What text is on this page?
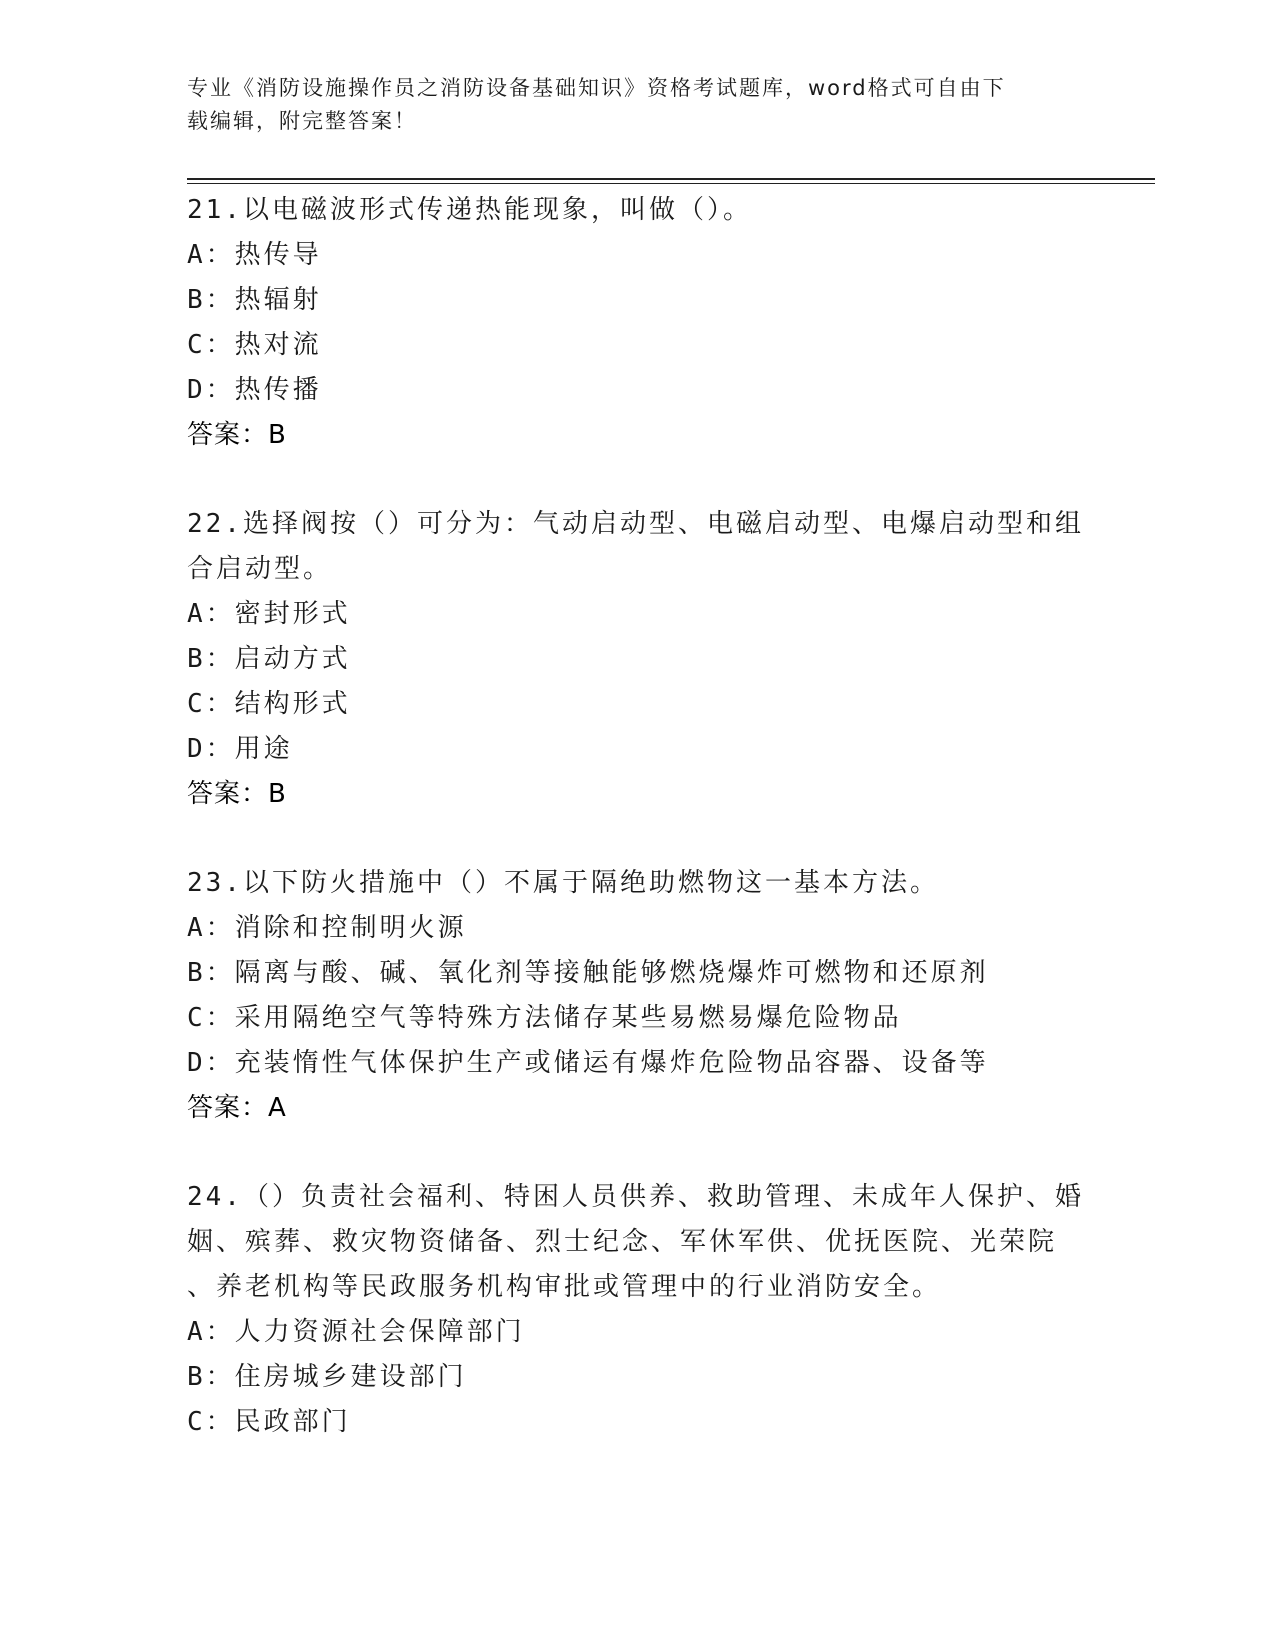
专业《消防设施操作员之消防设备基础知识》资格考试题库，word格式可自由下
载编辑，附完整答案！

21.以电磁波形式传递热能现象，叫做（）。

A：热传导

B：热辐射

C：热对流

D：热传播

答案：B

22.选择阀按（）可分为：气动启动型、电磁启动型、电爆启动型和组

合启动型。

A：密封形式

B：启动方式

C：结构形式

D：用途

答案：B

23.以下防火措施中（）不属于隔绝助燃物这一基本方法。

A：消除和控制明火源

B：隔离与酸、碱、氧化剂等接触能够燃烧爆炸可燃物和还原剂

C：采用隔绝空气等特殊方法储存某些易燃易爆危险物品

D：充装惰性气体保护生产或储运有爆炸危险物品容器、设备等

答案：A

24.（）负责社会福利、特困人员供养、救助管理、未成年人保护、婚

姻、殡葬、救灾物资储备、烈士纪念、军休军供、优抚医院、光荣院

、养老机构等民政服务机构审批或管理中的行业消防安全。

A：人力资源社会保障部门

B：住房城乡建设部门

C：民政部门
